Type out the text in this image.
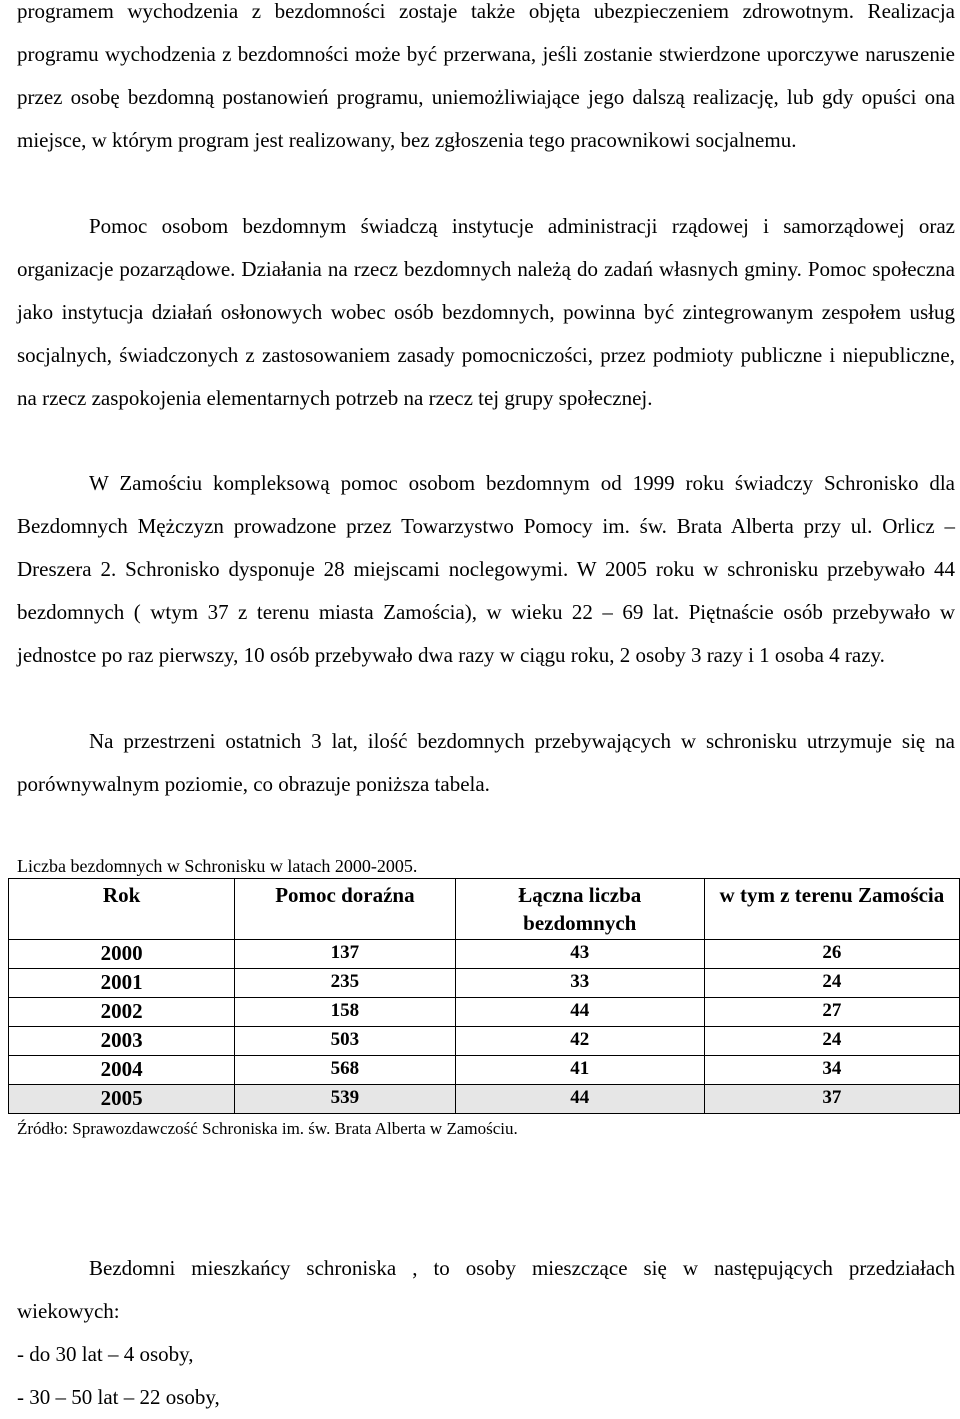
programem wychodzenia z bezdomności zostaje także objęta ubezpieczeniem zdrowotnym. Realizacja programu wychodzenia z bezdomności może być przerwana, jeśli zostanie stwierdzone uporczywe naruszenie przez osobę bezdomną postanowień programu, uniemożliwiające jego dalszą realizację, lub gdy opuści ona miejsce, w którym program jest realizowany, bez zgłoszenia tego pracownikowi socjalnemu.

Pomoc osobom bezdomnym świadczą instytucje administracji rządowej i samorządowej oraz organizacje pozarządowe. Działania na rzecz bezdomnych należą do zadań własnych gminy. Pomoc społeczna jako instytucja działań osłonowych wobec osób bezdomnych, powinna być zintegrowanym zespołem usług socjalnych, świadczonych z zastosowaniem zasady pomocniczości, przez podmioty publiczne i niepubliczne, na rzecz zaspokojenia elementarnych potrzeb na rzecz tej grupy społecznej.

W Zamościu kompleksową pomoc osobom bezdomnym od 1999 roku świadczy Schronisko dla Bezdomnych Mężczyzn prowadzone przez Towarzystwo Pomocy im. św. Brata Alberta przy ul. Orlicz – Dreszera 2. Schronisko dysponuje 28 miejscami noclegowymi. W 2005 roku w schronisku przebywało 44 bezdomnych ( wtym 37 z terenu miasta Zamościa), w wieku 22 – 69 lat. Piętnaście osób przebywało w jednostce po raz pierwszy, 10 osób przebywało dwa razy w ciągu roku, 2 osoby 3 razy i 1 osoba 4 razy.

Na przestrzeni ostatnich 3 lat, ilość bezdomnych przebywających w schronisku utrzymuje się na porównywalnym poziomie, co obrazuje poniższa tabela.

Liczba bezdomnych w Schronisku w latach 2000-2005.

Rok	Pomoc doraźna	Łączna liczba bezdomnych	w tym z terenu Zamościa
2000	137	43	26
2001	235	33	24
2002	158	44	27
2003	503	42	24
2004	568	41	34
2005	539	44	37

Źródło: Sprawozdawczość Schroniska im. św. Brata Alberta w Zamościu.

Bezdomni mieszkańcy schroniska , to osoby mieszczące się w następujących przedziałach wiekowych:

- do 30 lat – 4 osoby,

- 30 – 50 lat – 22 osoby,
